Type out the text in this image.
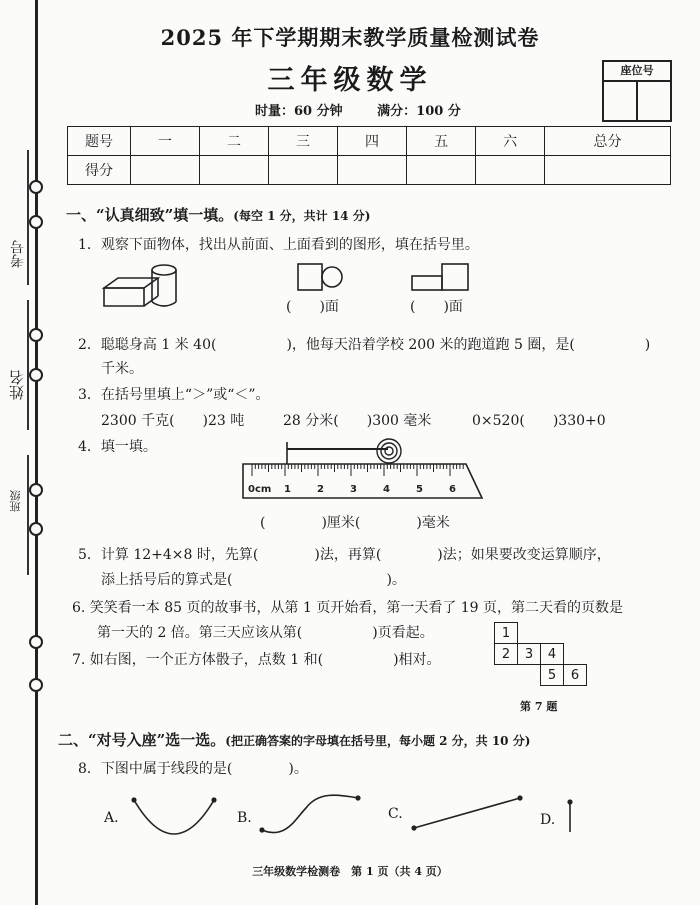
考号
姓名
班级
2025 年下学期期末教学质量检测试卷
三年级数学
时量：60 分钟	满分：100 分
座位号
题号	一	二	三	四	五	六	总分
得分							
一、“认真细致”填一填。(每空 1 分，共计 14 分)
1．观察下面物体，找出从前面、上面看到的图形，填在括号里。
(　　)面	(　　)面
2．聪聪身高 1 米 40(　　　　　)，他每天沿着学校 200 米的跑道跑 5 圈，是(　　　　　)
千米。
3．在括号里填上“＞”或“＜”。
2300 千克(　　)23 吨	28 分米(　　)300 毫米	0×520(　　)330+0
4．填一填。
0cm 1	2	3	4	5	6
(　　　　)厘米(　　　　)毫米
5．计算 12+4×8 时，先算(　　　　)法，再算(　　　　)法；如果要改变运算顺序，
添上括号后的算式是(　　　　　　　　　　　)。
6. 笑笑看一本 85 页的故事书，从第 1 页开始看，第一天看了 19 页，第二天看的页数是
第一天的 2 倍。第三天应该从第(　　　　　)页看起。
7. 如右图，一个正方体骰子，点数 1 和(　　　　　)相对。
1			
2	3	4	
		5	6
第 7 题
二、“对号入座”选一选。(把正确答案的字母填在括号里，每小题 2 分，共 10 分)
8．下图中属于线段的是(　　　　)。
A.	B.	C.	D.
三年级数学检测卷　第 1 页（共 4 页）
